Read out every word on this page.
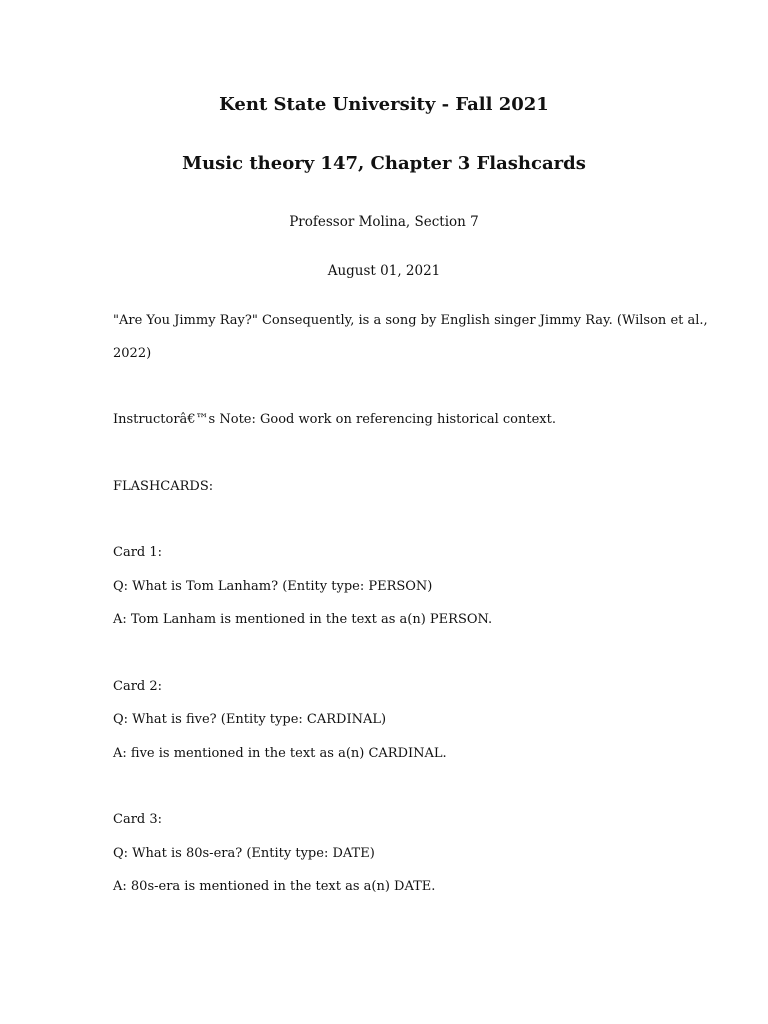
Kent State University - Fall 2021
Music theory 147, Chapter 3 Flashcards
Professor Molina, Section 7
August 01, 2021
"Are You Jimmy Ray?" Consequently, is a song by English singer Jimmy Ray. (Wilson et al.,
2022)
Instructorâ€™s Note: Good work on referencing historical context.
FLASHCARDS:
Card 1:
Q: What is Tom Lanham? (Entity type: PERSON)
A: Tom Lanham is mentioned in the text as a(n) PERSON.
Card 2:
Q: What is five? (Entity type: CARDINAL)
A: five is mentioned in the text as a(n) CARDINAL.
Card 3:
Q: What is 80s-era? (Entity type: DATE)
A: 80s-era is mentioned in the text as a(n) DATE.
